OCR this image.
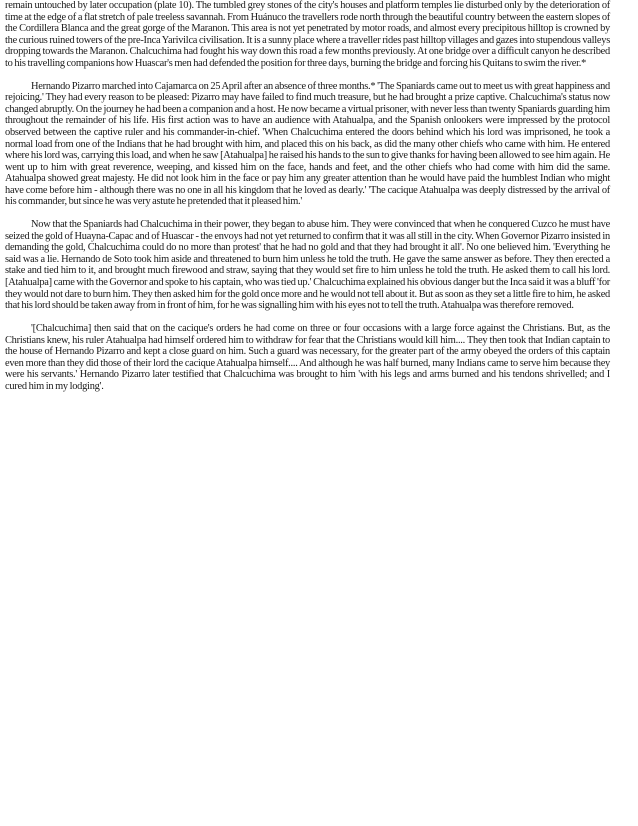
remain untouched by later occupation (plate 10). The tumbled grey stones of the city's houses and platform temples lie disturbed only by the deterioration of time at the edge of a flat stretch of pale treeless savannah. From Huánuco the travellers rode north through the beautiful country between the eastern slopes of the Cordillera Blanca and the great gorge of the Maranon. This area is not yet penetrated by motor roads, and almost every precipitous hilltop is crowned by the curious ruined towers of the pre-Inca Yarivilca civilisation. It is a sunny place where a traveller rides past hilltop villages and gazes into stupendous valleys dropping towards the Maranon. Chalcuchima had fought his way down this road a few months previously. At one bridge over a difficult canyon he described to his travelling companions how Huascar's men had defended the position for three days, burning the bridge and forcing his Quitans to swim the river.*

Hernando Pizarro marched into Cajamarca on 25 April after an absence of three months.* 'The Spaniards came out to meet us with great happiness and rejoicing.' They had every reason to be pleased: Pizarro may have failed to find much treasure, but he had brought a prize captive. Chalcuchima's status now changed abruptly. On the journey he had been a companion and a host. He now became a virtual prisoner, with never less than twenty Spaniards guarding him throughout the remainder of his life. His first action was to have an audience with Atahualpa, and the Spanish onlookers were impressed by the protocol observed between the captive ruler and his commander-in-chief. 'When Chalcuchima entered the doors behind which his lord was imprisoned, he took a normal load from one of the Indians that he had brought with him, and placed this on his back, as did the many other chiefs who came with him. He entered where his lord was, carrying this load, and when he saw [Atahualpa] he raised his hands to the sun to give thanks for having been allowed to see him again. He went up to him with great reverence, weeping, and kissed him on the face, hands and feet, and the other chiefs who had come with him did the same. Atahualpa showed great majesty. He did not look him in the face or pay him any greater attention than he would have paid the humblest Indian who might have come before him - although there was no one in all his kingdom that he loved as dearly.' 'The cacique Atahualpa was deeply distressed by the arrival of his commander, but since he was very astute he pretended that it pleased him.'

Now that the Spaniards had Chalcuchima in their power, they began to abuse him. They were convinced that when he conquered Cuzco he must have seized the gold of Huayna-Capac and of Huascar - the envoys had not yet returned to confirm that it was all still in the city. When Governor Pizarro insisted in demanding the gold, Chalcuchima could do no more than protest' that he had no gold and that they had brought it all'. No one believed him. 'Everything he said was a lie. Hernando de Soto took him aside and threatened to burn him unless he told the truth. He gave the same answer as before. They then erected a stake and tied him to it, and brought much firewood and straw, saying that they would set fire to him unless he told the truth. He asked them to call his lord. [Atahualpa] came with the Governor and spoke to his captain, who was tied up.' Chalcuchima explained his obvious danger but the Inca said it was a bluff 'for they would not dare to burn him. They then asked him for the gold once more and he would not tell about it. But as soon as they set a little fire to him, he asked that his lord should be taken away from in front of him, for he was signalling him with his eyes not to tell the truth. Atahualpa was therefore removed.

'[Chalcuchima] then said that on the cacique's orders he had come on three or four occasions with a large force against the Christians. But, as the Christians knew, his ruler Atahualpa had himself ordered him to withdraw for fear that the Christians would kill him.... They then took that Indian captain to the house of Hernando Pizarro and kept a close guard on him. Such a guard was necessary, for the greater part of the army obeyed the orders of this captain even more than they did those of their lord the cacique Atahualpa himself.... And although he was half burned, many Indians came to serve him because they were his servants.' Hernando Pizarro later testified that Chalcuchima was brought to him 'with his legs and arms burned and his tendons shrivelled; and I cured him in my lodging'.
